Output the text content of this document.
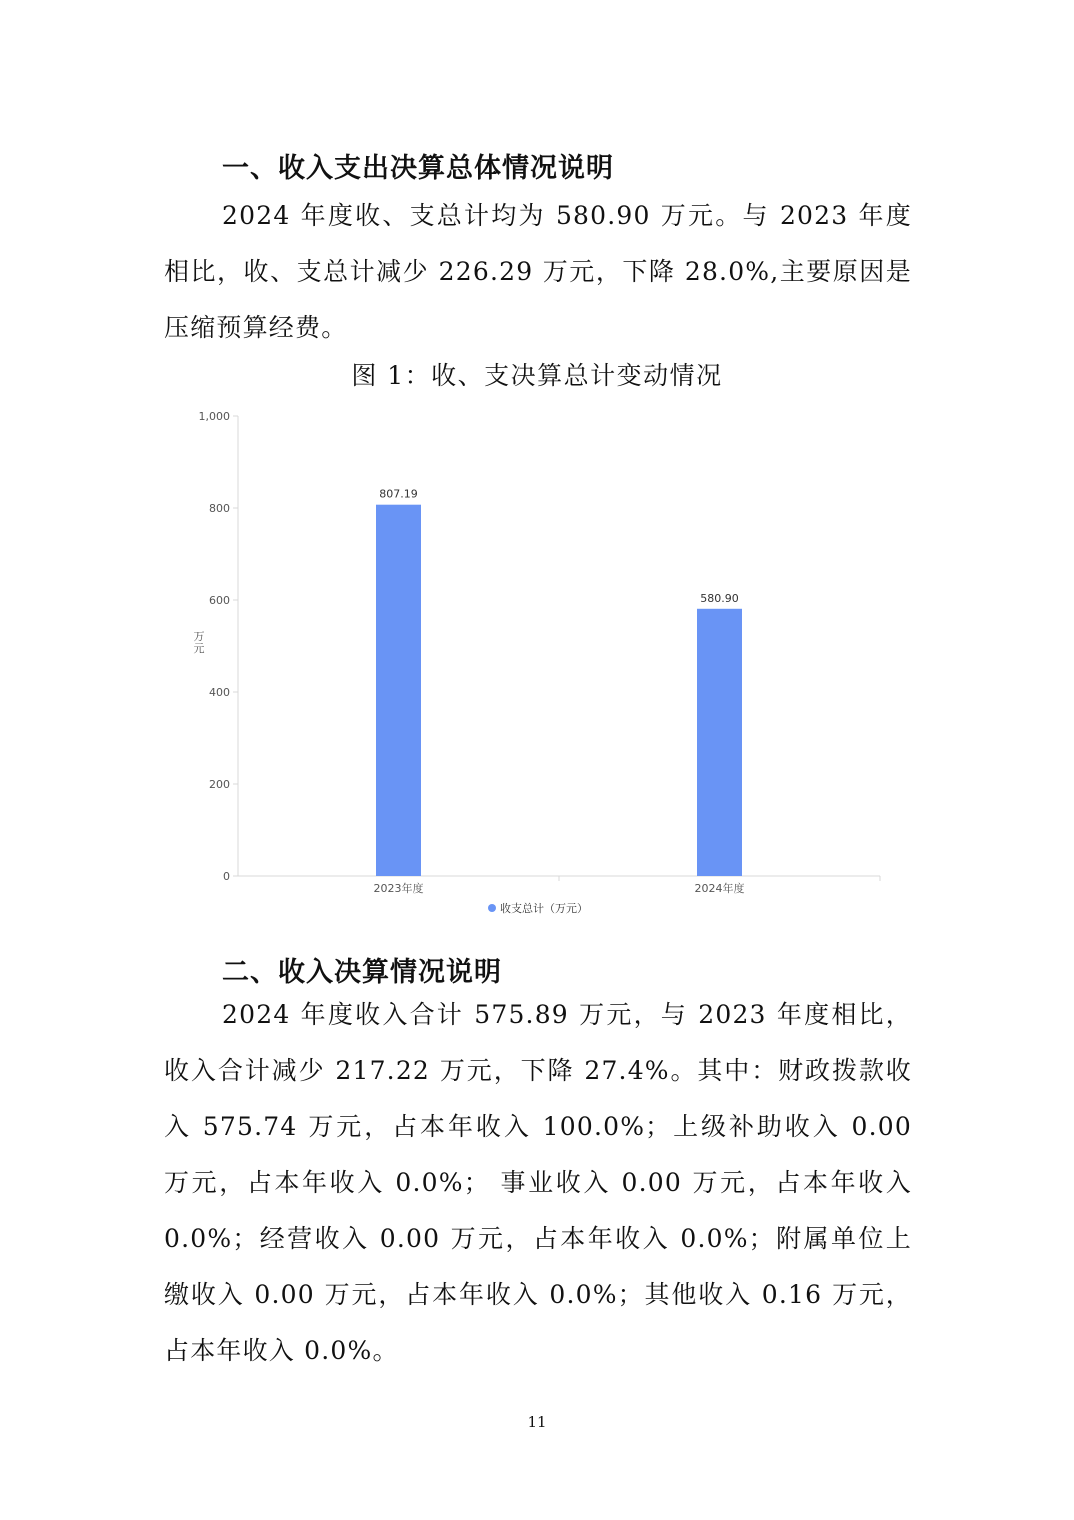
一、收入支出决算总体情况说明

2024 年度收、支总计均为 580.90 万元。与 2023 年度相比，收、支总计减少 226.29 万元，下降 28.0%,主要原因是压缩预算经费。

图 1：收、支决算总计变动情况

0
200
400
600
800
1,000
万元
807.19
580.90
2023年度	2024年度
收支总计（万元）
二、收入决算情况说明

2024 年度收入合计 575.89 万元，与 2023 年度相比，收入合计减少 217.22 万元，下降 27.4%。其中：财政拨款收入 575.74 万元，占本年收入 100.0%；上级补助收入 0.00 万元，占本年收入 0.0%； 事业收入 0.00 万元，占本年收入 0.0%；经营收入 0.00 万元，占本年收入 0.0%；附属单位上缴收入 0.00 万元，占本年收入 0.0%；其他收入 0.16 万元，占本年收入 0.0%。

11
